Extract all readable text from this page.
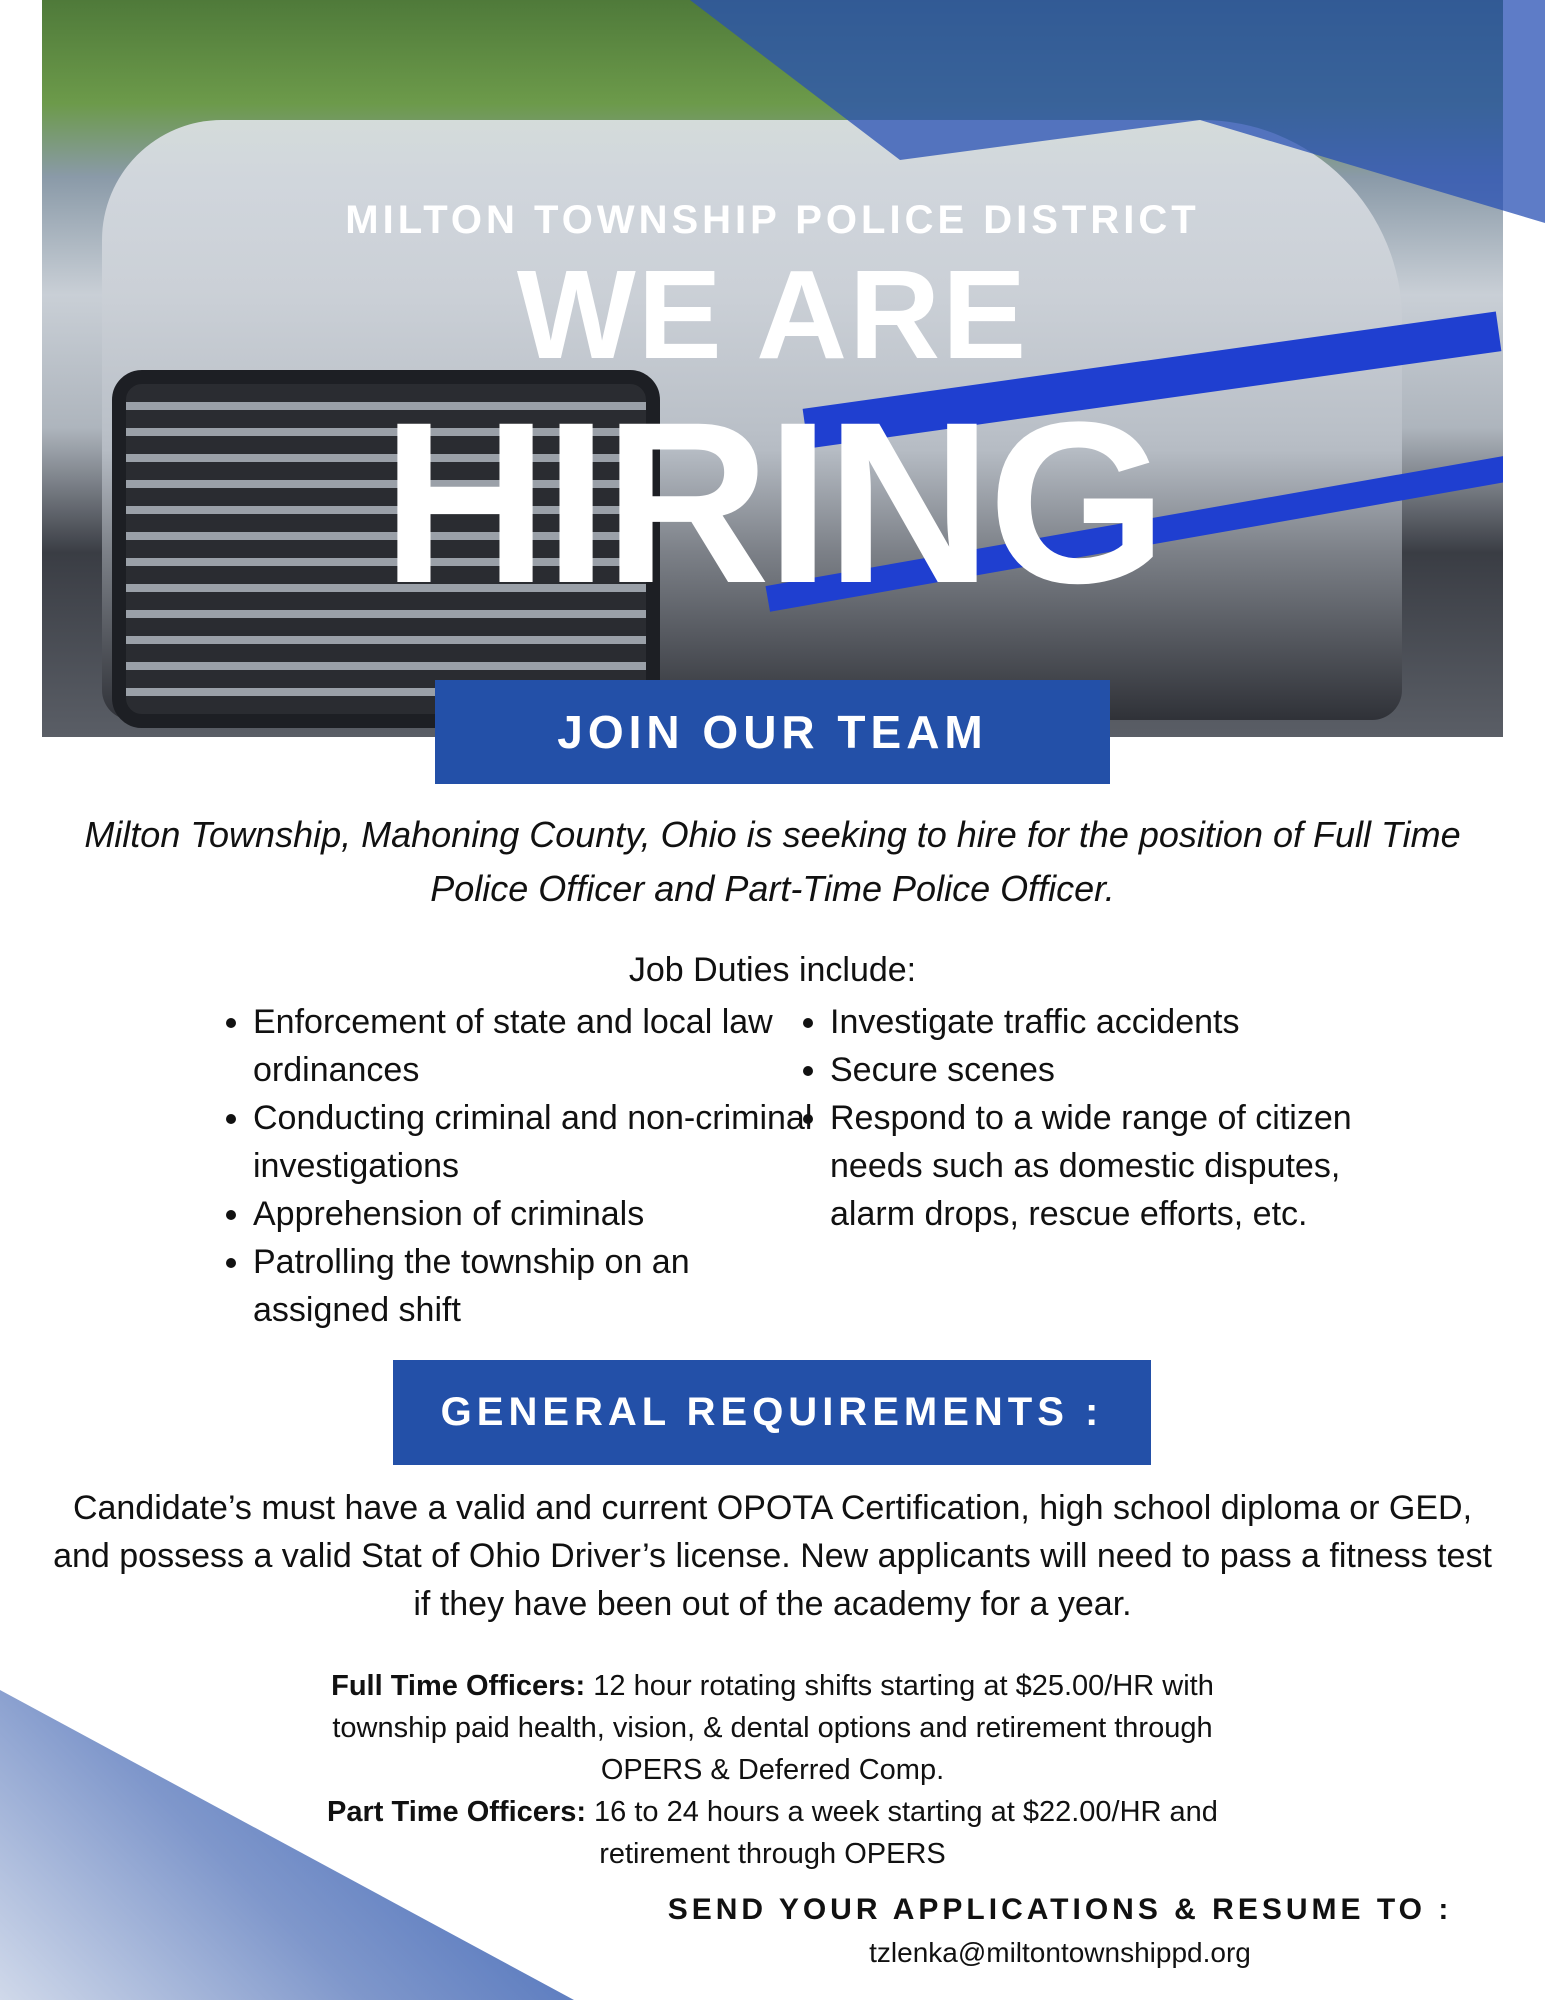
MILTON TOWNSHIP POLICE DISTRICT
WE ARE
HIRING
JOIN OUR TEAM
Milton Township, Mahoning County, Ohio is seeking to hire for the position of Full Time Police Officer and Part-Time Police Officer.
Job Duties include:
• Enforcement of state and local law ordinances
• Conducting criminal and non-criminal investigations
• Apprehension of criminals
• Patrolling the township on an assigned shift
• Investigate traffic accidents
• Secure scenes
• Respond to a wide range of citizen needs such as domestic disputes, alarm drops, rescue efforts, etc.
GENERAL REQUIREMENTS :
Candidate’s must have a valid and current OPOTA Certification, high school diploma or GED, and possess a valid Stat of Ohio Driver’s license. New applicants will need to pass a fitness test if they have been out of the academy for a year.
Full Time Officers: 12 hour rotating shifts starting at $25.00/HR with township paid health, vision, & dental options and retirement through OPERS & Deferred Comp.
Part Time Officers: 16 to 24 hours a week starting at $22.00/HR and retirement through OPERS
SEND YOUR APPLICATIONS & RESUME TO :
tzlenka@miltontownshippd.org
